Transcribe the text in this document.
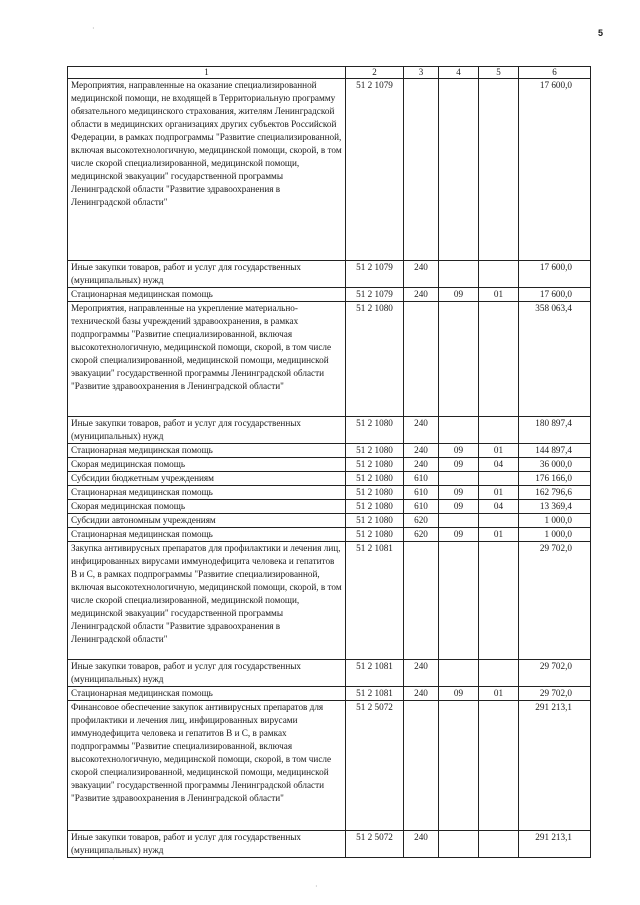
·
·
·
5
1	2	3	4	5	6
Мероприятия, направленные на оказание специализированной медицинской помощи, не входящей в Территориальную программу обязательного медицинского страхования, жителям Ленинградской области в медицинских организациях других субъектов Российской Федерации, в рамках подпрограммы "Развитие специализированной, включая высокотехнологичную, медицинской помощи, скорой, в том числе скорой специализированной, медицинской помощи, медицинской эвакуации" государственной программы Ленинградской области "Развитие здравоохранения в Ленинградской области"	51 2 1079				17 600,0
Иные закупки товаров, работ и услуг для государственных (муниципальных) нужд	51 2 1079	240			17 600,0
Стационарная медицинская помощь	51 2 1079	240	09	01	17 600,0
Мероприятия, направленные на укрепление материально-технической базы учреждений здравоохранения, в рамках подпрограммы "Развитие специализированной, включая высокотехнологичную, медицинской помощи, скорой, в том числе скорой специализированной, медицинской помощи, медицинской эвакуации" государственной программы Ленинградской области "Развитие здравоохранения в Ленинградской области"	51 2 1080				358 063,4
Иные закупки товаров, работ и услуг для государственных (муниципальных) нужд	51 2 1080	240			180 897,4
Стационарная медицинская помощь	51 2 1080	240	09	01	144 897,4
Скорая медицинская помощь	51 2 1080	240	09	04	36 000,0
Субсидии бюджетным учреждениям	51 2 1080	610			176 166,0
Стационарная медицинская помощь	51 2 1080	610	09	01	162 796,6
Скорая медицинская помощь	51 2 1080	610	09	04	13 369,4
Субсидии автономным учреждениям	51 2 1080	620			1 000,0
Стационарная медицинская помощь	51 2 1080	620	09	01	1 000,0
Закупка антивирусных препаратов для профилактики и лечения лиц, инфицированных вирусами иммунодефицита человека и гепатитов В и С, в рамках подпрограммы "Развитие специализированной, включая высокотехнологичную, медицинской помощи, скорой, в том числе скорой специализированной, медицинской помощи, медицинской эвакуации" государственной программы Ленинградской области "Развитие здравоохранения в Ленинградской области"	51 2 1081				29 702,0
Иные закупки товаров, работ и услуг для государственных (муниципальных) нужд	51 2 1081	240			29 702,0
Стационарная медицинская помощь	51 2 1081	240	09	01	29 702,0
Финансовое обеспечение закупок антивирусных препаратов для профилактики и лечения лиц, инфицированных вирусами иммунодефицита человека и гепатитов В и С, в рамках подпрограммы "Развитие специализированной, включая высокотехнологичную, медицинской помощи, скорой, в том числе скорой специализированной, медицинской помощи, медицинской эвакуации" государственной программы Ленинградской области "Развитие здравоохранения в Ленинградской области"	51 2 5072				291 213,1
Иные закупки товаров, работ и услуг для государственных (муниципальных) нужд	51 2 5072	240			291 213,1
